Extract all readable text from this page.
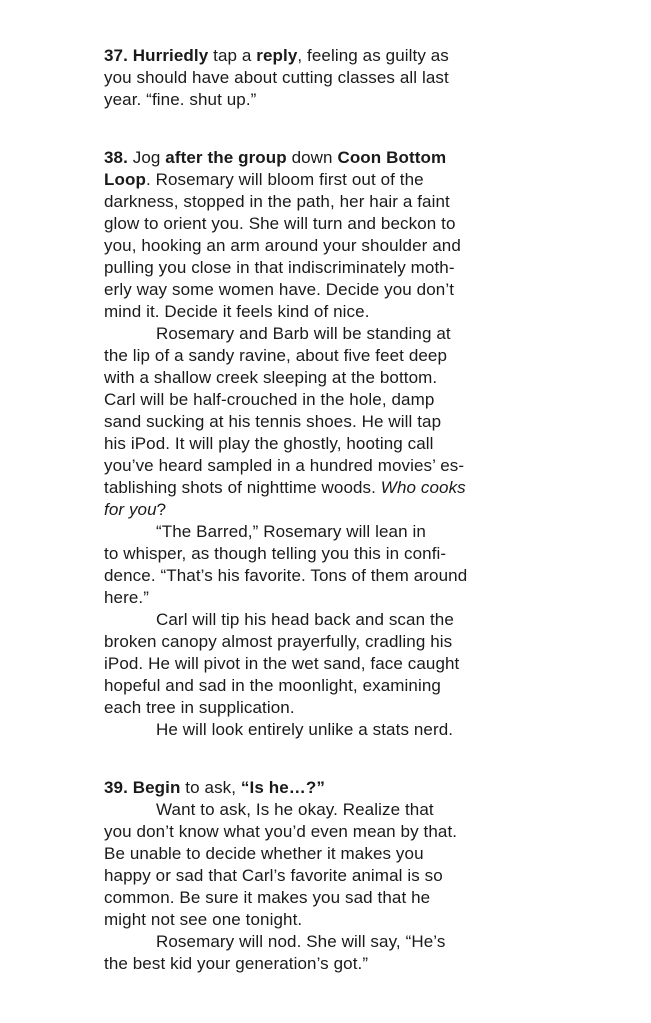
37. Hurriedly tap a reply, feeling as guilty as
you should have about cutting classes all last
year. “fine. shut up.”
38. Jog after the group down Coon Bottom
Loop. Rosemary will bloom first out of the
darkness, stopped in the path, her hair a faint
glow to orient you. She will turn and beckon to
you, hooking an arm around your shoulder and
pulling you close in that indiscriminately moth-
erly way some women have. Decide you don’t
mind it. Decide it feels kind of nice.
Rosemary and Barb will be standing at
the lip of a sandy ravine, about five feet deep
with a shallow creek sleeping at the bottom.
Carl will be half-crouched in the hole, damp
sand sucking at his tennis shoes. He will tap
his iPod. It will play the ghostly, hooting call
you’ve heard sampled in a hundred movies’ es-
tablishing shots of nighttime woods. Who cooks
for you?
“The Barred,” Rosemary will lean in
to whisper, as though telling you this in confi-
dence. “That’s his favorite. Tons of them around
here.”
Carl will tip his head back and scan the
broken canopy almost prayerfully, cradling his
iPod. He will pivot in the wet sand, face caught
hopeful and sad in the moonlight, examining
each tree in supplication.
He will look entirely unlike a stats nerd.
39. Begin to ask, “Is he…?”
Want to ask, Is he okay. Realize that
you don’t know what you’d even mean by that.
Be unable to decide whether it makes you
happy or sad that Carl’s favorite animal is so
common. Be sure it makes you sad that he
might not see one tonight.
Rosemary will nod. She will say, “He’s
the best kid your generation’s got.”
